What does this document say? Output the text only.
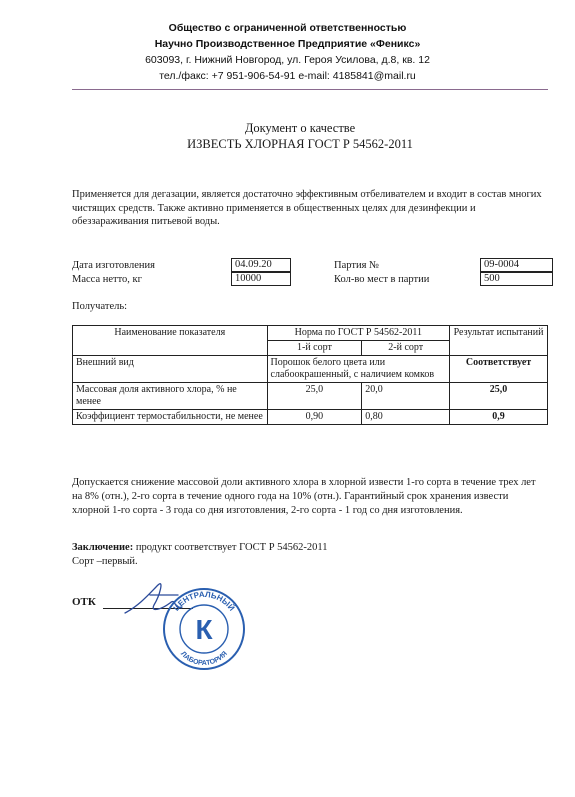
Общество с ограниченной ответственностью
Научно Производственное Предприятие «Феникс»
603093, г. Нижний Новгород, ул. Героя Усилова, д.8, кв. 12
тел./факс: +7 951-906-54-91 e-mail: 4185841@mail.ru
Документ о качестве
ИЗВЕСТЬ ХЛОРНАЯ ГОСТ Р 54562-2011
Применяется для дегазации, является достаточно эффективным отбеливателем и входит в состав многих чистящих средств. Также активно применяется в общественных целях для дезинфекции и обеззараживания питьевой воды.
Дата изготовления	04.09.20
Масса нетто, кг	10000
Партия №	09-0004
Кол-во мест в партии	500
Получатель:
Наименование показателя	Норма по ГОСТ Р 54562-2011		Результат испытаний
	1-й сорт	2-й сорт	
Внешний вид	Порошок белого цвета или слабоокрашенный, с наличием комков		Соответствует
Массовая доля активного хлора, % не менее	25,0	20,0	25,0
Коэффициент термостабильности, не менее	0,90	0,80	0,9
Допускается снижение массовой доли активного хлора в хлорной извести 1-го сорта в течение трех лет на 8% (отн.), 2-го сорта в течение одного года на 10% (отн.). Гарантийный срок хранения извести хлорной 1-го сорта - 3 года со дня изготовления, 2-го сорта - 1 год со дня изготовления.
Заключение: продукт соответствует ГОСТ Р 54562-2011
Сорт –первый.
ОТК	ЦЕНТРАЛЬНЫЙ
ЛАБОРАТОРИЯ
К
